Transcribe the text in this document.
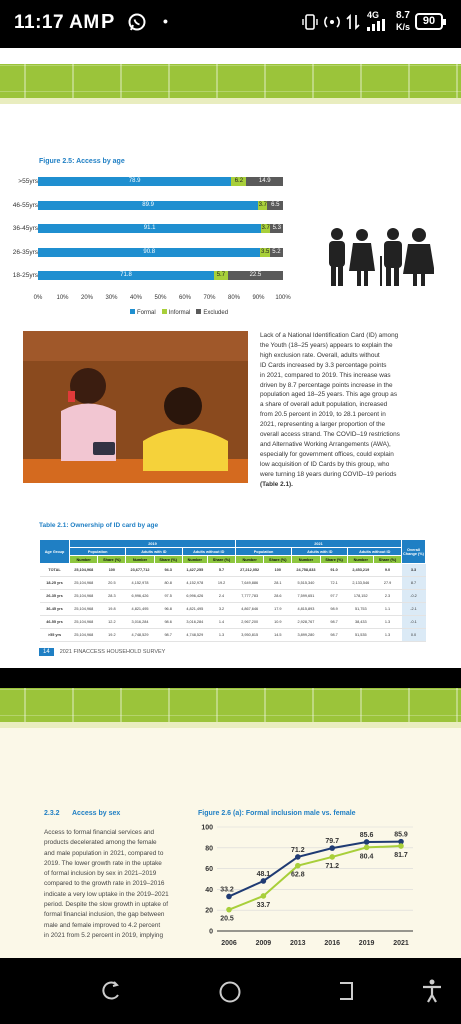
11:17 AM P	•	4G 8.7
K/s	90
Figure 2.5: Access by age
>55yrs	78.9	6.2	14.9
46-55yrs	89.9	3.7 6.5
36-45yrs	91.1	3.7 5.3
26-35yrs	90.8	3.5 5.2
18-25yrs	71.8	5.7	22.5
0%	10%	20%	30%	40%	50%	60%	70%	80%	90%	100%
Formal	Informal	Excluded
Lack of a National Identification Card (ID) among
the Youth (18–25 years) appears to explain the
high exclusion rate. Overall, adults without
ID Cards increased by 3.3 percentage points
in 2021, compared to 2019. This increase was
driven by 8.7 percentage points increase in the
population aged 18–25 years. This age group as
a share of overall adult population, increased
from 20.5 percent in 2019, to 28.1 percent in
2021, representing a larger proportion of the
overall access strand. The COVID–19 restrictions
and Alternative Working Arrangements (AWA),
especially for government offices, could explain
low acquisition of ID Cards by this group, who
were turning 18 years during COVID–19 periods
(Table 2.1).
Table 2.1: Ownership of ID card by age
Age Group	2019						2021						Overall Change (%)
	Population		Adults with ID		Adults without ID		Population		Adults with ID		Adults without ID		
	Number	Share (%)	Number	Share (%)	Number	Share (%)	Number	Share (%)	Number	Share (%)	Number	Share (%)	
TOTAL	25,104,968	100	23,677,712	94.3	1,427,255	5.7	27,212,052	100	24,758,833	91.0	2,453,219	9.0	3.3
18-25 yrs	25,104,968	20.5	4,152,978	80.8	4,152,978	19.2	7,649,886	28.1	5,515,340	72.1	2,133,546	27.9	8.7
26-35 yrs	25,104,968	28.3	6,996,426	97.5	6,996,426	2.4	7,777,783	28.6	7,599,651	97.7	178,152	2.3	-0.2
36-45 yrs	25,104,968	19.8	4,821,495	96.8	4,821,495	3.2	4,867,646	17.9	4,815,893	98.9	51,753	1.1	-2.1
46-55 yrs	25,104,968	12.2	3,016,284	98.6	3,016,284	1.4	2,967,200	10.9	2,928,767	98.7	38,433	1.3	-0.1
>55 yrs	25,104,968	19.2	4,748,529	98.7	4,748,529	1.3	3,950,815	14.5	3,899,280	98.7	51,535	1.3	0.0
14	2021 FINACCESS HOUSEHOLD SURVEY
2.3.2 Access by sex
Access to formal financial services and
products decelerated among the female
and male population in 2021, compared to
2019. The lower growth rate in the uptake
of formal inclusion by sex in 2021–2019
compared to the growth rate in 2019–2016
indicate a very low uptake in the 2019–2021
period. Despite the slow growth in uptake of
formal financial inclusion, the gap between
male and female improved to 4.2 percent
in 2021 from 5.2 percent in 2019, implying
Figure 2.6 (a): Formal inclusion male vs. female
0
20
40
60
80
100
2006	2009	2013	2016	2019	2021
33.2
48.1
71.2
79.7
85.6	85.9
20.5
33.7
62.8
71.2
80.4	81.7
